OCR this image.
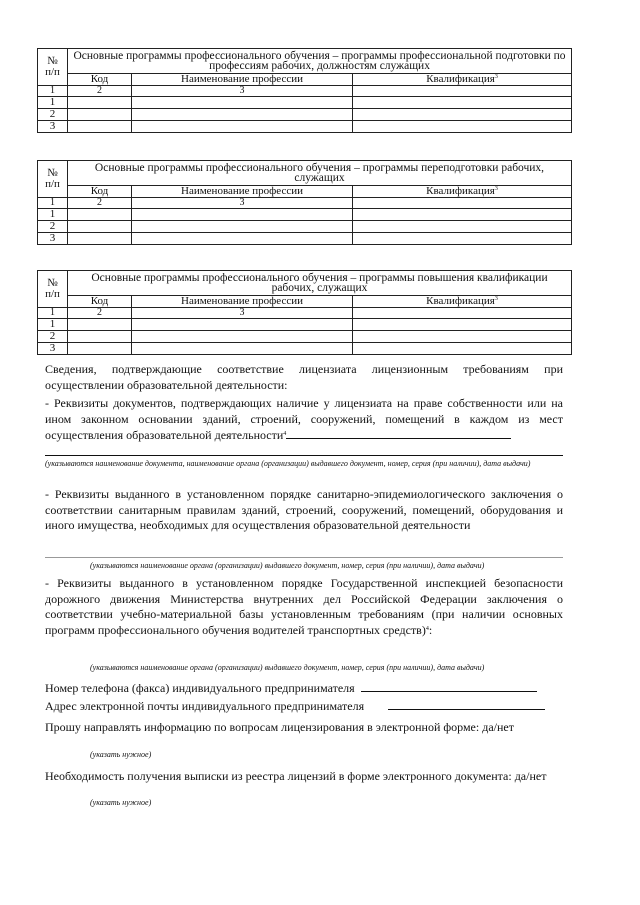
№
п/п	Основные программы профессионального обучения – программы профессиональной подготовки по профессиям рабочих, должностям служащих		
	Код	Наименование профессии	Квалификация$^3$
1	2	3	
1			
2			
3			
№
п/п	Основные программы профессионального обучения – программы переподготовки рабочих, служащих		
	Код	Наименование профессии	Квалификация$^3$
1	2	3	
1			
2			
3			
№
п/п	Основные программы профессионального обучения – программы повышения квалификации рабочих, служащих		
	Код	Наименование профессии	Квалификация$^3$
1	2	3	
1			
2			
3			

Сведения, подтверждающие соответствие лицензиата лицензионным требованиям при осуществлении образовательной деятельности:

- Реквизиты документов, подтверждающих наличие у лицензиата на праве собственности или на ином законном основании зданий, строений, сооружений, помещений в каждом из мест осуществления образовательной деятельности$^4$

(указываются наименование документа, наименование органа (организации) выдавшего документ, номер, серия (при наличии), дата выдачи)

- Реквизиты выданного в установленном порядке санитарно-эпидемиологического заключения о соответствии санитарным правилам зданий, строений, сооружений, помещений, оборудования и иного имущества, необходимых для осуществления образовательной деятельности

(указываются наименование органа (организации) выдавшего документ, номер, серия (при наличии), дата выдачи)

- Реквизиты выданного в установленном порядке Государственной инспекцией безопасности дорожного движения Министерства внутренних дел Российской Федерации заключения о соответствии учебно-материальной базы установленным требованиям (при наличии основных программ профессионального обучения водителей транспортных средств)$^4$:

(указываются наименование органа (организации) выдавшего документ, номер, серия (при наличии), дата выдачи)

Номер телефона (факса) индивидуального предпринимателя

Адрес электронной почты индивидуального предпринимателя

Прошу направлять информацию по вопросам лицензирования в электронной форме: да/нет

(указать нужное)

Необходимость получения выписки из реестра лицензий в форме электронного документа: да/нет

(указать нужное)
